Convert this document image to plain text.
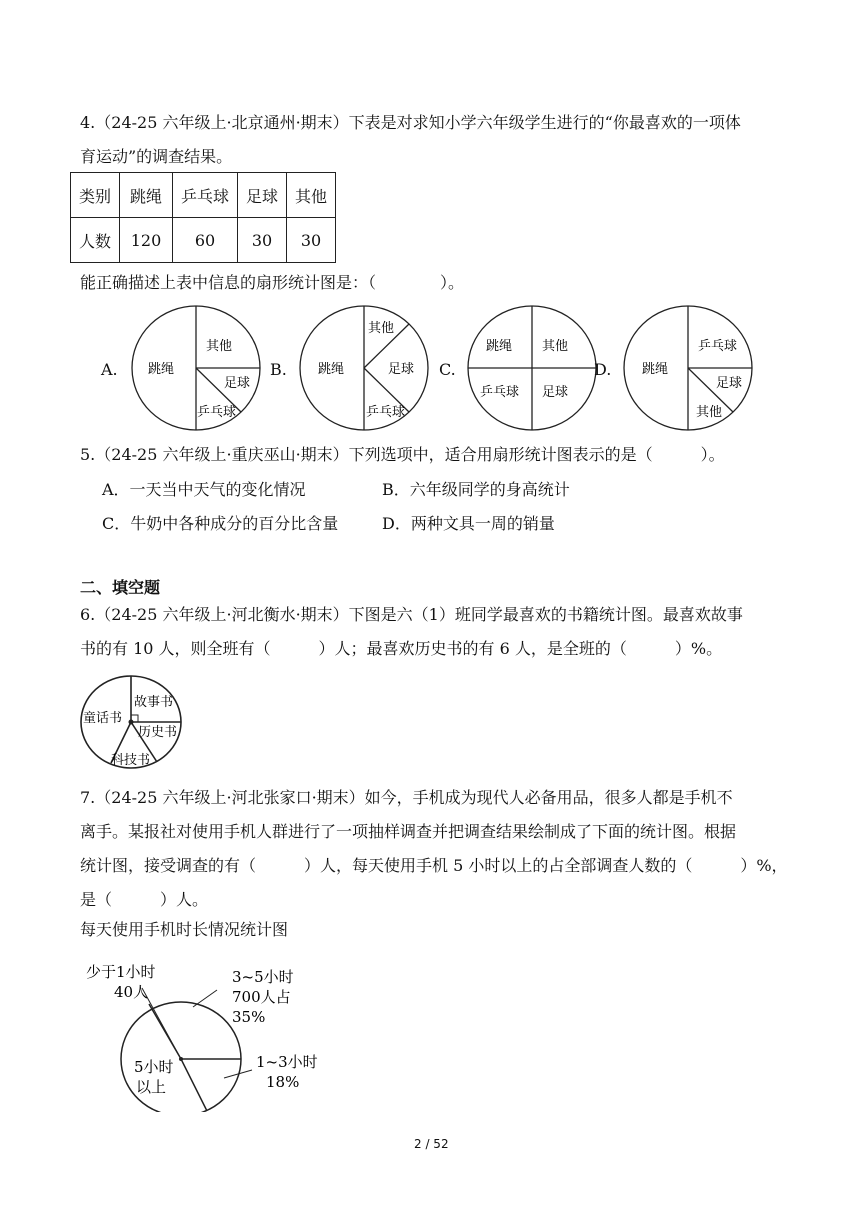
4.（24-25 六年级上·北京通州·期末）下表是对求知小学六年级学生进行的“你最喜欢的一项体
育运动”的调查结果。
类别	跳绳	乒乓球	足球	其他
人数	120	60	30	30
能正确描述上表中信息的扇形统计图是：（　　　　）。
A. 跳绳
其他
足球
乒乓球
B. 跳绳
其他
足球
乒乓球
C.
跳绳 其他
乒乓球 足球
D. 跳绳
乒乓球
足球
其他
5.（24-25 六年级上·重庆巫山·期末）下列选项中，适合用扇形统计图表示的是（　　　）。
A．一天当中天气的变化情况	B．六年级同学的身高统计
C．牛奶中各种成分的百分比含量	D．两种文具一周的销量
二、填空题
6.（24-25 六年级上·河北衡水·期末）下图是六（1）班同学最喜欢的书籍统计图。最喜欢故事
书的有 10 人，则全班有（　　　）人；最喜欢历史书的有 6 人，是全班的（　　　）%。
故事书
童话书
历史书
科技书
7.（24-25 六年级上·河北张家口·期末）如今，手机成为现代人必备用品，很多人都是手机不
离手。某报社对使用手机人群进行了一项抽样调查并把调查结果绘制成了下面的统计图。根据
统计图，接受调查的有（　　　）人，每天使用手机 5 小时以上的占全部调查人数的（　　　）%，
是（　　　）人。
每天使用手机时长情况统计图
少于1小时
40人
3~5小时
700人占
35%
1~3小时
18%
5小时
以上
2 / 52
